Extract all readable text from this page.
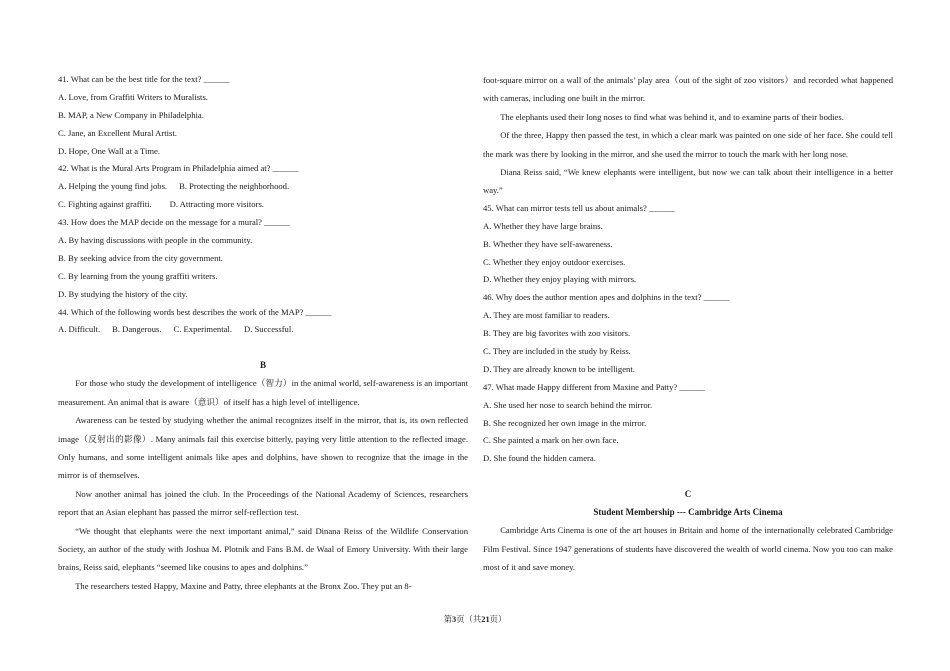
41. What can be the best title for the text? ______
A. Love, from Graffiti Writers to Muralists.
B. MAP, a New Company in Philadelphia.
C. Jane, an Excellent Mural Artist.
D. Hope, One Wall at a Time.
42. What is the Mural Arts Program in Philadelphia aimed at? ______
A. Helping the young find jobs. B. Protecting the neighborhood.
C. Fighting against graffiti. D. Attracting more visitors.
43. How does the MAP decide on the message for a mural? ______
A. By having discussions with people in the community.
B. By seeking advice from the city government.
C. By learning from the young graffiti writers.
D. By studying the history of the city.
44. Which of the following words best describes the work of the MAP? ______
A. Difficult. B. Dangerous. C. Experimental. D. Successful.
B
For those who study the development of intelligence（智力）in the animal world, self-awareness is an important measurement. An animal that is aware（意识）of itself has a high level of intelligence.
Awareness can be tested by studying whether the animal recognizes itself in the mirror, that is, its own reflected image（反射出的影像）. Many animals fail this exercise bitterly, paying very little attention to the reflected image. Only humans, and some intelligent animals like apes and dolphins, have shown to recognize that the image in the mirror is of themselves.
Now another animal has joined the club. In the Proceedings of the National Academy of Sciences, researchers report that an Asian elephant has passed the mirror self-reflection test.
“We thought that elephants were the next important animal,” said Dinana Reiss of the Wildlife Conservation Society, an author of the study with Joshua M. Plotnik and Fans B.M. de Waal of Emory University. With their large brains, Reiss said, elephants “seemed like cousins to apes and dolphins.”
The researchers tested Happy, Maxine and Patty, three elephants at the Bronx Zoo. They put an 8-
foot-square mirror on a wall of the animals’ play area（out of the sight of zoo visitors）and recorded what happened with cameras, including one built in the mirror.
The elephants used their long noses to find what was behind it, and to examine parts of their bodies.
Of the three, Happy then passed the test, in which a clear mark was painted on one side of her face. She could tell the mark was there by looking in the mirror, and she used the mirror to touch the mark with her long nose.
Diana Reiss said, “We knew elephants were intelligent, but now we can talk about their intelligence in a better way.”
45. What can mirror tests tell us about animals? ______
A. Whether they have large brains.
B. Whether they have self-awareness.
C. Whether they enjoy outdoor exercises.
D. Whether they enjoy playing with mirrors.
46. Why does the author mention apes and dolphins in the text? ______
A. They are most familiar to readers.
B. They are big favorites with zoo visitors.
C. They are included in the study by Reiss.
D. They are already known to be intelligent.
47. What made Happy different from Maxine and Patty? ______
A. She used her nose to search behind the mirror.
B. She recognized her own image in the mirror.
C. She painted a mark on her own face.
D. She found the hidden camera.
C
Student Membership --- Cambridge Arts Cinema
Cambridge Arts Cinema is one of the art houses in Britain and home of the internationally celebrated Cambridge Film Festival. Since 1947 generations of students have discovered the wealth of world cinema. Now you too can make most of it and save money.
第3页（共21页）
